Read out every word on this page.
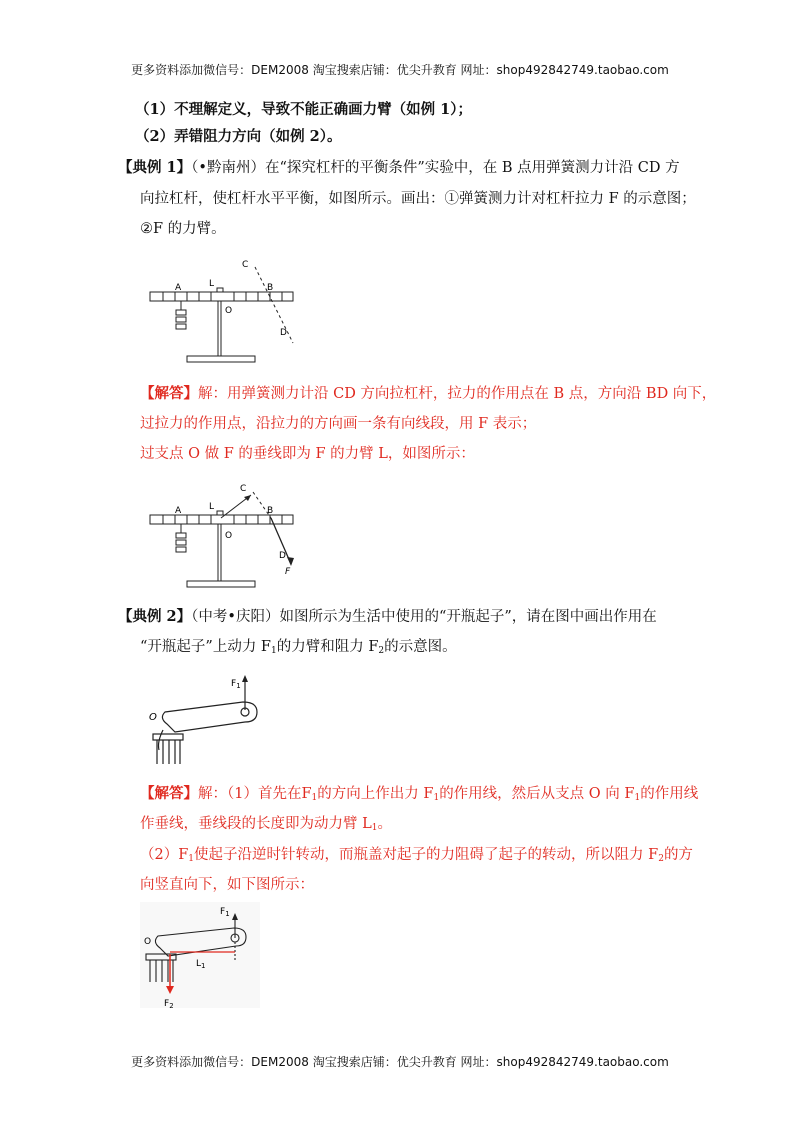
更多资料添加微信号：DEM2008 淘宝搜索店铺：优尖升教育 网址：shop492842749.taobao.com
（1）不理解定义，导致不能正确画力臂（如例 1）；
（2）弄错阻力方向（如例 2）。
【典例 1】（•黔南州）在“探究杠杆的平衡条件”实验中，在 B 点用弹簧测力计沿 CD 方
向拉杠杆，使杠杆水平平衡，如图所示。画出：①弹簧测力计对杠杆拉力 F 的示意图；
②F 的力臂。
A	L	B
C
O
D
【解答】解：用弹簧测力计沿 CD 方向拉杠杆，拉力的作用点在 B 点，方向沿 BD 向下，
过拉力的作用点，沿拉力的方向画一条有向线段，用 F 表示；
过支点 O 做 F 的垂线即为 F 的力臂 L，如图所示：
A	L	B
C
O
D
F
【典例 2】（中考•庆阳）如图所示为生活中使用的“开瓶起子”，请在图中画出作用在
“开瓶起子”上动力 $F_1$的力臂和阻力 $F_2$的示意图。
$F_1$
O
【解答】解：（1）首先在$F_1$的方向上作出力 $F_1$的作用线，然后从支点 O 向 $F_1$的作用线
作垂线，垂线段的长度即为动力臂 $L_1$。
$(2)F_1$使起子沿逆时针转动，而瓶盖对起子的力阻碍了起子的转动，所以阻力 $F_2$的方
向竖直向下，如下图所示：
$F_1$
O
$L_1$
$F_2$
更多资料添加微信号：DEM2008 淘宝搜索店铺：优尖升教育 网址：shop492842749.taobao.com
